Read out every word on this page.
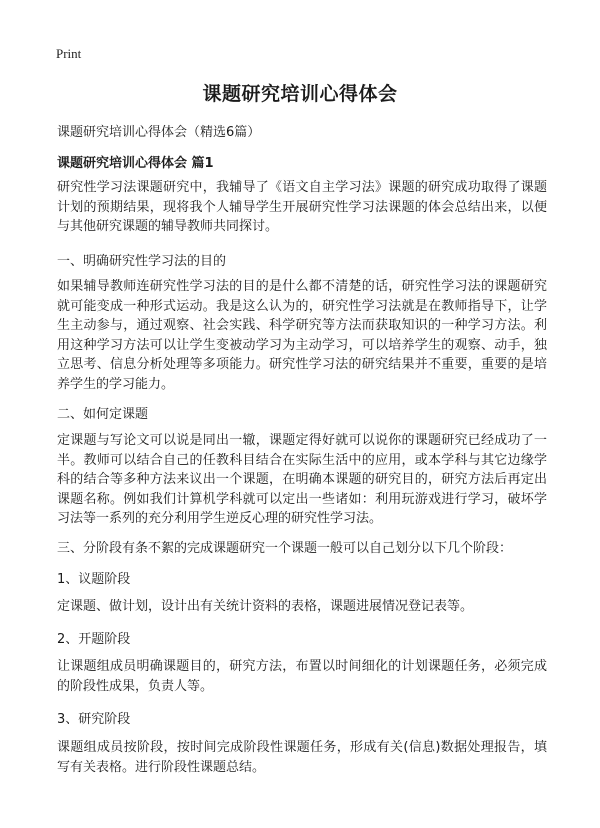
Print
课题研究培训心得体会

课题研究培训心得体会（精选6篇）

课题研究培训心得体会 篇1

研究性学习法课题研究中，我辅导了《语文自主学习法》课题的研究成功取得了课题计划的预期结果，现将我个人辅导学生开展研究性学习法课题的体会总结出来，以便与其他研究课题的辅导教师共同探讨。

一、明确研究性学习法的目的

如果辅导教师连研究性学习法的目的是什么都不清楚的话，研究性学习法的课题研究就可能变成一种形式运动。我是这么认为的，研究性学习法就是在教师指导下，让学生主动参与，通过观察、社会实践、科学研究等方法而获取知识的一种学习方法。利用这种学习方法可以让学生变被动学习为主动学习，可以培养学生的观察、动手，独立思考、信息分析处理等多项能力。研究性学习法的研究结果并不重要，重要的是培养学生的学习能力。

二、如何定课题

定课题与写论文可以说是同出一辙，课题定得好就可以说你的课题研究已经成功了一半。教师可以结合自己的任教科目结合在实际生活中的应用，或本学科与其它边缘学科的结合等多种方法来议出一个课题，在明确本课题的研究目的，研究方法后再定出课题名称。例如我们计算机学科就可以定出一些诸如：利用玩游戏进行学习，破坏学习法等一系列的充分利用学生逆反心理的研究性学习法。

三、分阶段有条不絮的完成课题研究一个课题一般可以自己划分以下几个阶段：

1、议题阶段

定课题、做计划，设计出有关统计资料的表格，课题进展情况登记表等。

2、开题阶段

让课题组成员明确课题目的，研究方法，布置以时间细化的计划课题任务，必须完成的阶段性成果，负责人等。

3、研究阶段

课题组成员按阶段，按时间完成阶段性课题任务，形成有关(信息)数据处理报告，填写有关表格。进行阶段性课题总结。
